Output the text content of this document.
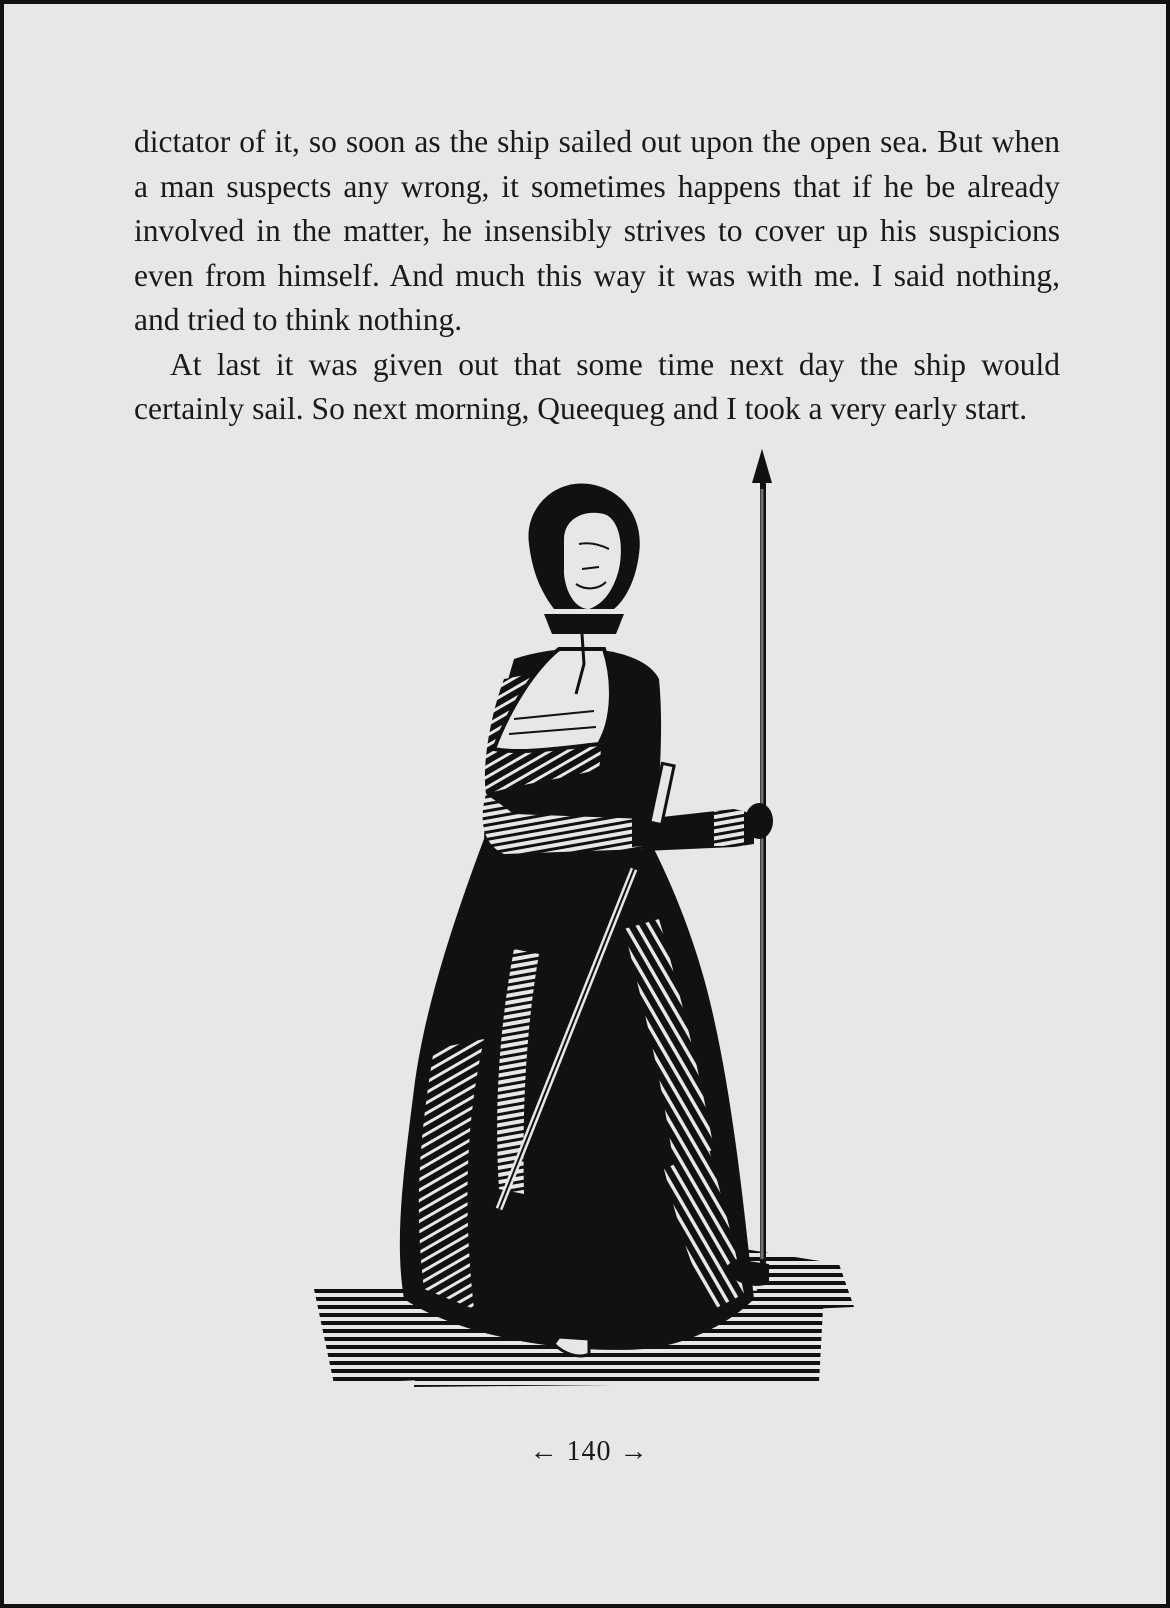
dictator of it, so soon as the ship sailed out upon the open sea. But when a man suspects any wrong, it sometimes happens that if he be already involved in the matter, he insensibly strives to cover up his suspicions even from himself. And much this way it was with me. I said nothing, and tried to think nothing.

At last it was given out that some time next day the ship would certainly sail. So next morning, Queequeg and I took a very early start.

← 140 →
